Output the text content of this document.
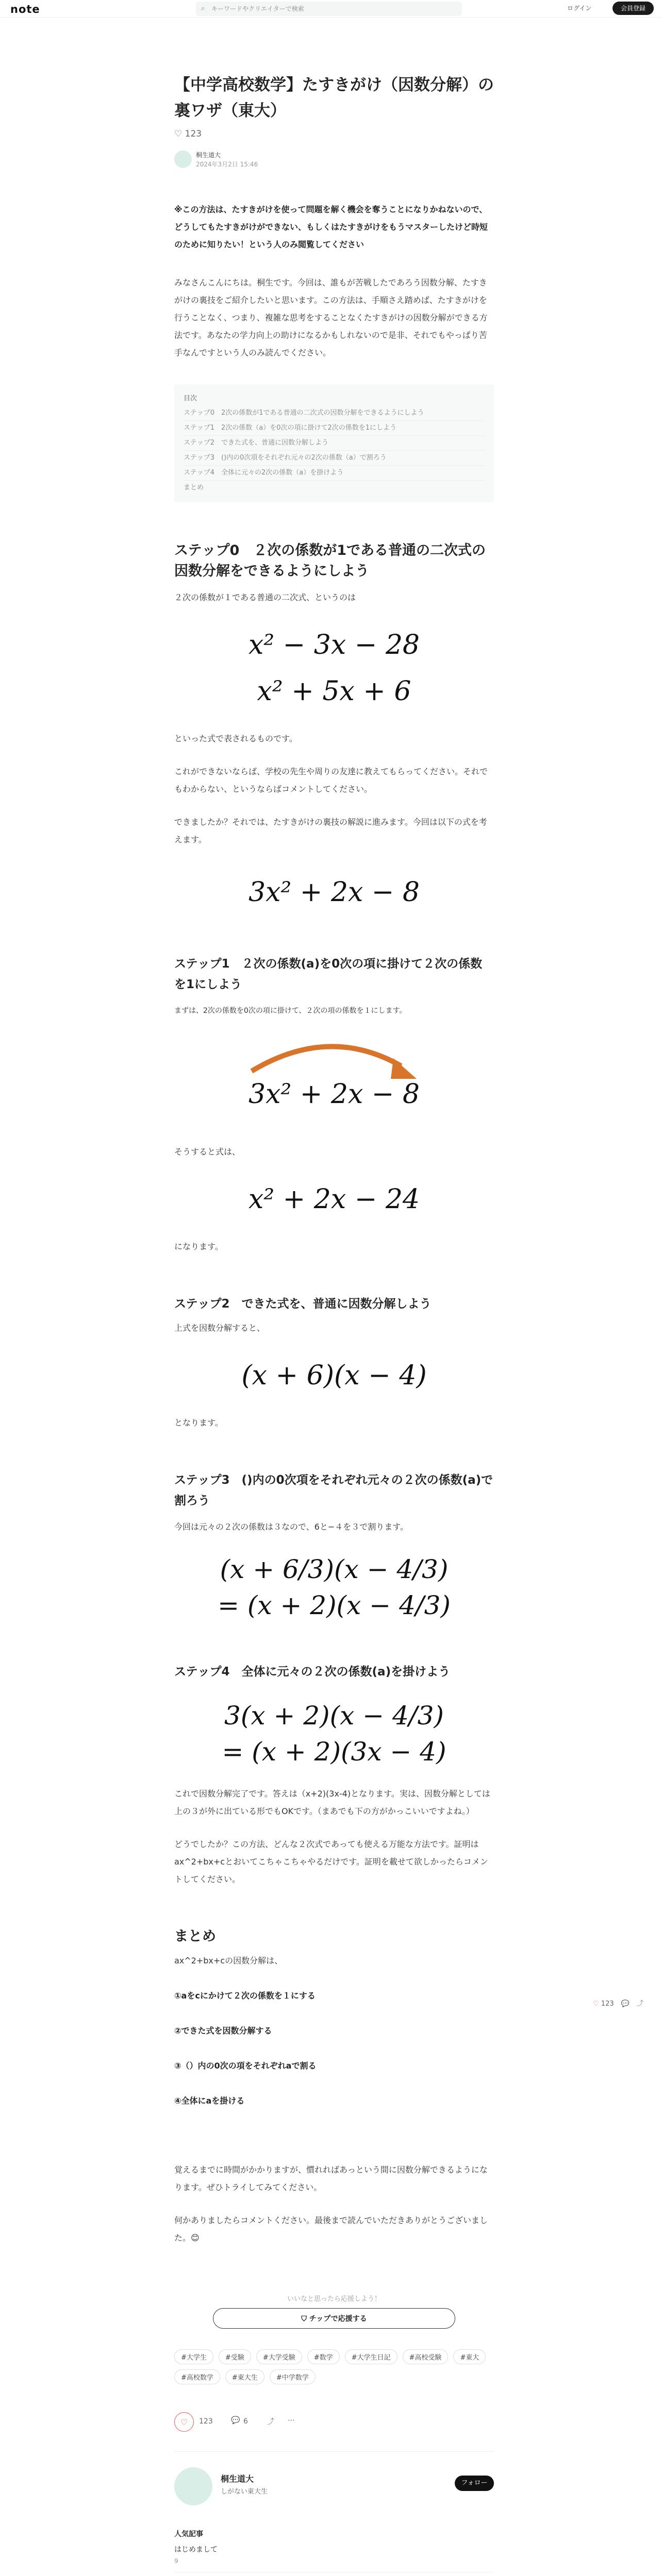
note	⌕ キーワードやクリエイターで検索	ログイン	会員登録
【中学高校数学】たすきがけ（因数分解）の裏ワザ（東大）
♡ 123
桐生道大
2024年3月2日 15:46

※この方法は、たすきがけを使って問題を解く機会を奪うことになりかねないので、どうしてもたすきがけができない、もしくはたすきがけをもうマスターしたけど時短のために知りたい！という人のみ閲覧してください

みなさんこんにちは。桐生です。今回は、誰もが苦戦したであろう因数分解、たすきがけの裏技をご紹介したいと思います。この方法は、手順さえ踏めば、たすきがけを行うことなく、つまり、複雑な思考をすることなくたすきがけの因数分解ができる方法です。あなたの学力向上の助けになるかもしれないので是非、それでもやっぱり苦手なんですという人のみ読んでください。

目次
ステップ0　2次の係数が1である普通の二次式の因数分解をできるようにしよう
ステップ1　2次の係数（a）を0次の項に掛けて2次の係数を1にしよう
ステップ2　できた式を、普通に因数分解しよう
ステップ3　()内の0次項をそれぞれ元々の2次の係数（a）で割ろう
ステップ4　全体に元々の2次の係数（a）を掛けよう
まとめ
ステップ0　２次の係数が1である普通の二次式の因数分解をできるようにしよう

２次の係数が１である普通の二次式、というのは

x² − 3x − 28
x² + 5x + 6

といった式で表されるものです。

これができないならば、学校の先生や周りの友達に教えてもらってください。それでもわからない、というならばコメントしてください。

できましたか？それでは、たすきがけの裏技の解説に進みます。今回は以下の式を考えます。

3x² + 2x − 8
ステップ1　２次の係数(a)を0次の項に掛けて２次の係数を1にしよう

まずは、2次の係数を0次の項に掛けて、２次の項の係数を１にします。

3x² + 2x − 8

そうすると式は、

x² + 2x − 24

になります。

ステップ2　できた式を、普通に因数分解しよう

上式を因数分解すると、

(x + 6)(x − 4)

となります。

ステップ3　()内の0次項をそれぞれ元々の２次の係数(a)で割ろう

今回は元々の２次の係数は３なので、6と−４を３で割ります。

(x + 6/3)(x − 4/3)
= (x + 2)(x − 4/3)
ステップ4　全体に元々の２次の係数(a)を掛けよう
3(x + 2)(x − 4/3)
= (x + 2)(3x − 4)

これで因数分解完了です。答えは（x+2)(3x-4)となります。実は、因数分解としては上の３が外に出ている形でもOKです。（まあでも下の方がかっこいいですよね。）

どうでしたか？この方法、どんな２次式であっても使える万能な方法です。証明はax^2+bx+cとおいてこちゃこちゃやるだけです。証明を載せて欲しかったらコメントしてください。

まとめ

ax^2+bx+cの因数分解は、

①aをcにかけて２次の係数を１にする

②できた式を因数分解する

③（）内の0次の項をそれぞれaで割る

④全体にaを掛ける

覚えるまでに時間がかかりますが、慣れればあっという間に因数分解できるようになります。ぜひトライしてみてください。

何かありましたらコメントください。最後まで読んでいただきありがとうございました。😊

いいなと思ったら応援しよう！
⛉ チップで応援する
#大学生	#受験	#大学受験	#数学	#大学生日記	#高校受験	#東大
#高校数学	#東大生	#中学数学
♡	123	💬 6	⤴ ⋯
桐生道大
しがない東大生
フォロー
人気記事
はじめまして
9
♡ 123 💬 ⤴
